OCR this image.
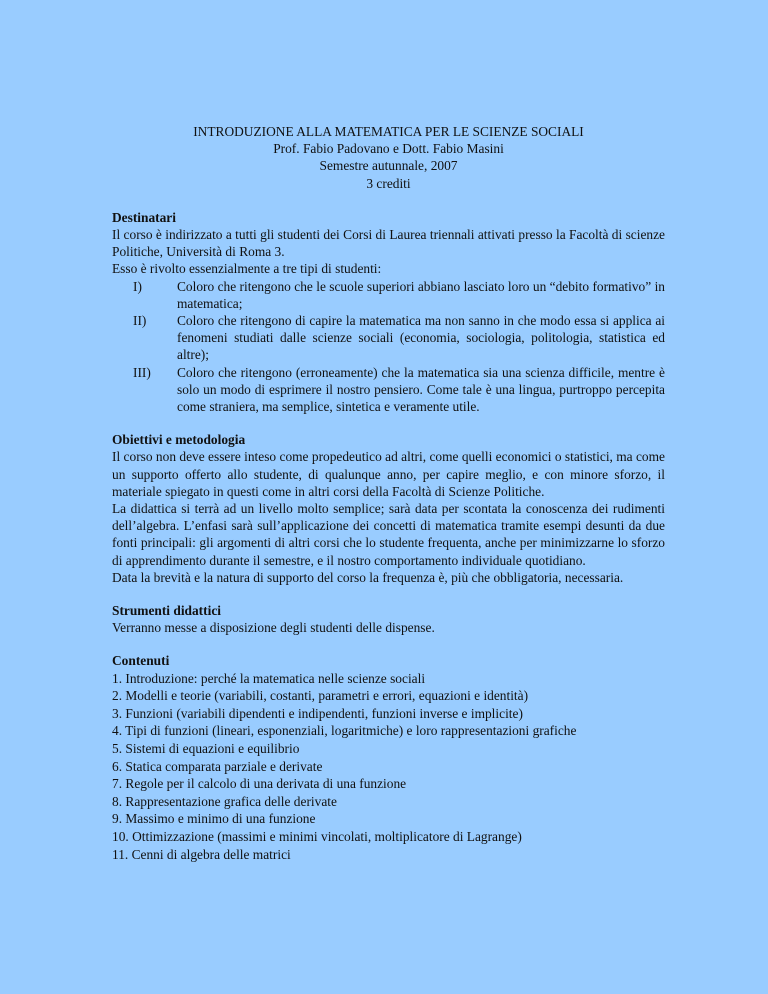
INTRODUZIONE ALLA MATEMATICA PER LE SCIENZE SOCIALI
Prof. Fabio Padovano e Dott. Fabio Masini
Semestre autunnale, 2007
3 crediti
Destinatari
Il corso è indirizzato a tutti gli studenti dei Corsi di Laurea triennali attivati presso la Facoltà di scienze Politiche, Università di Roma 3.
Esso è rivolto essenzialmente a tre tipi di studenti:
I)	Coloro che ritengono che le scuole superiori abbiano lasciato loro un “debito formativo” in matematica;
II)	Coloro che ritengono di capire la matematica ma non sanno in che modo essa si applica ai fenomeni studiati dalle scienze sociali (economia, sociologia, politologia, statistica ed altre);
III)	Coloro che ritengono (erroneamente) che la matematica sia una scienza difficile, mentre è solo un modo di esprimere il nostro pensiero. Come tale è una lingua, purtroppo percepita come straniera, ma semplice, sintetica e veramente utile.
Obiettivi e metodologia
Il corso non deve essere inteso come propedeutico ad altri, come quelli economici o statistici, ma come un supporto offerto allo studente, di qualunque anno, per capire meglio, e con minore sforzo, il materiale spiegato in questi come in altri corsi della Facoltà di Scienze Politiche.
La didattica si terrà ad un livello molto semplice; sarà data per scontata la conoscenza dei rudimenti dell’algebra. L’enfasi sarà sull’applicazione dei concetti di matematica tramite esempi desunti da due fonti principali: gli argomenti di altri corsi che lo studente frequenta, anche per minimizzarne lo sforzo di apprendimento durante il semestre, e il nostro comportamento individuale quotidiano.
Data la brevità e la natura di supporto del corso la frequenza è, più che obbligatoria, necessaria.
Strumenti didattici
Verranno messe a disposizione degli studenti delle dispense.
Contenuti
1. Introduzione: perché la matematica nelle scienze sociali
2. Modelli e teorie (variabili, costanti, parametri e errori, equazioni e identità)
3. Funzioni (variabili dipendenti e indipendenti, funzioni inverse e implicite)
4. Tipi di funzioni (lineari, esponenziali, logaritmiche) e loro rappresentazioni grafiche
5. Sistemi di equazioni e equilibrio
6. Statica comparata parziale e derivate
7. Regole per il calcolo di una derivata di una funzione
8. Rappresentazione grafica delle derivate
9. Massimo e minimo di una funzione
10. Ottimizzazione (massimi e minimi vincolati, moltiplicatore di Lagrange)
11. Cenni di algebra delle matrici
